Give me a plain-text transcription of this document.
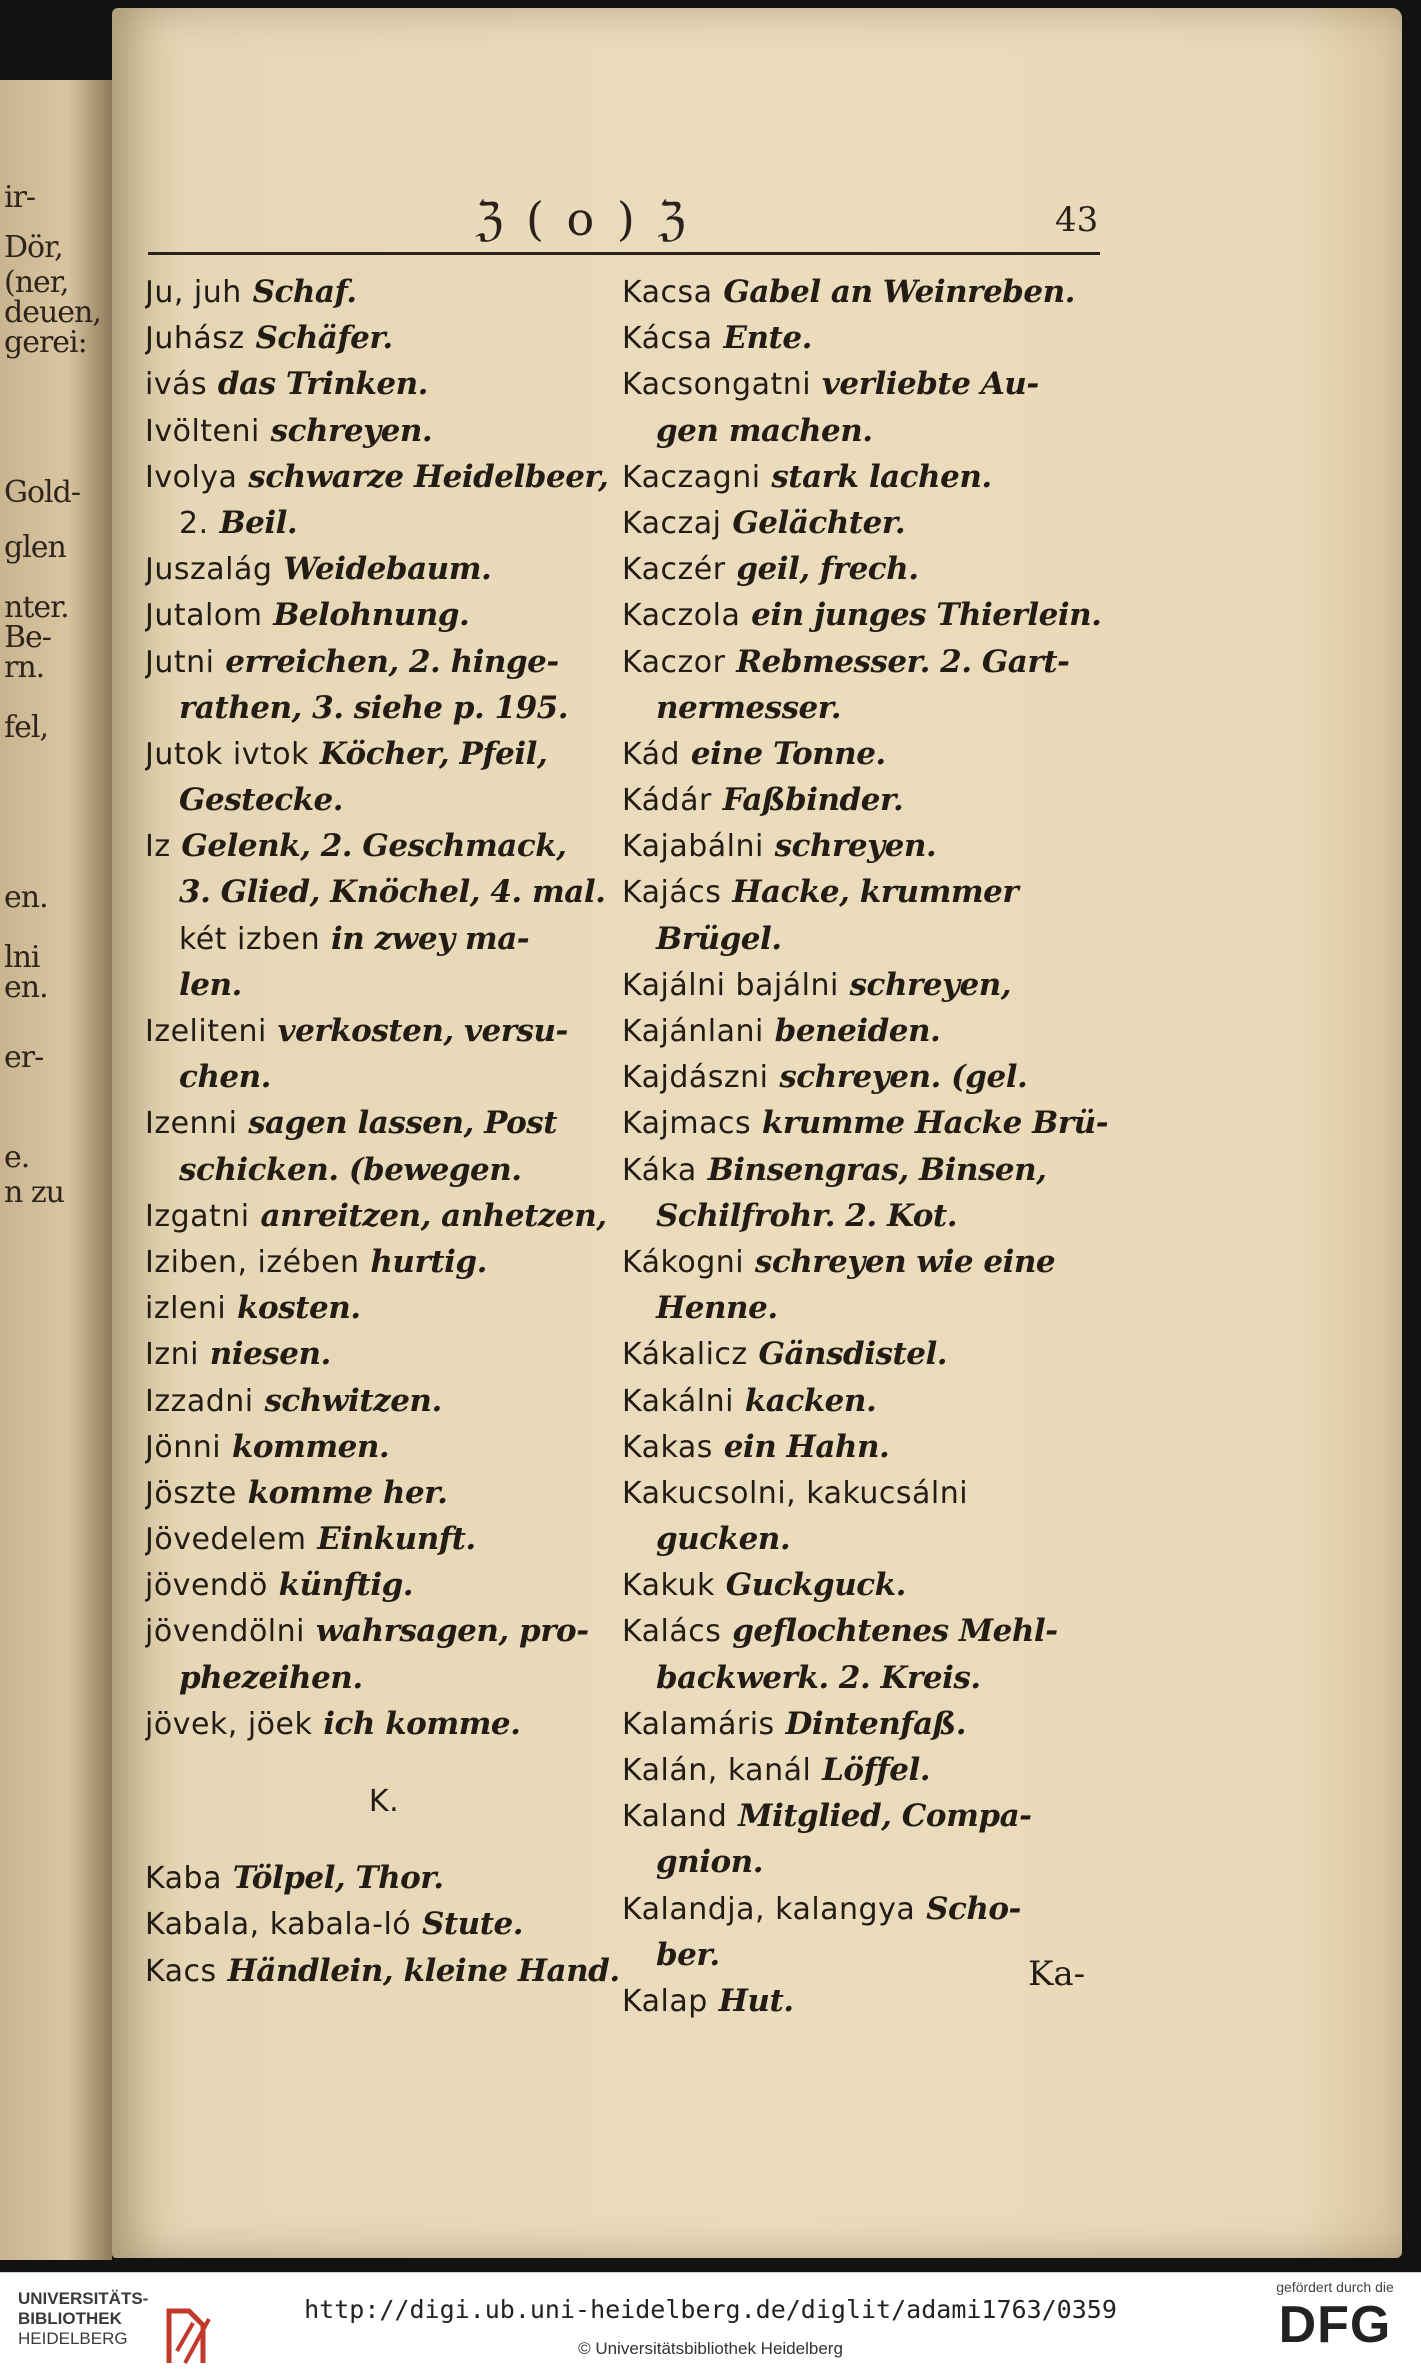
ir-
Dör,
(ner,
deuen,
gerei:
Gold-
glen
nter.
Be-
rn.
fel,
en.
lni
en.
er-
e.
n zu
ℨ ( o ) ℨ	43
Ju, juh Schaf.
Juhász Schäfer.
ivás das Trinken.
Ivölteni schreyen.
Ivolya schwarze Heidelbeer,
2. Beil.
Juszalág Weidebaum.
Jutalom Belohnung.
Jutni erreichen, 2. hinge-
rathen, 3. siehe p. 195.
Jutok ivtok Köcher, Pfeil,
Gestecke.
Iz Gelenk, 2. Geschmack,
3. Glied, Knöchel, 4. mal.
két izben in zwey ma-
len.
Izeliteni verkosten, versu-
chen.
Izenni sagen lassen, Post
schicken. (bewegen.
Izgatni anreitzen, anhetzen,
Iziben, izében hurtig.
izleni kosten.
Izni niesen.
Izzadni schwitzen.
Jönni kommen.
Jöszte komme her.
Jövedelem Einkunft.
jövendö künftig.
jövendölni wahrsagen, pro-
phezeihen.
jövek, jöek ich komme.
K.
Kaba Tölpel, Thor.
Kabala, kabala-ló Stute.
Kacs Händlein, kleine Hand.
Kacsa Gabel an Weinreben.
Kácsa Ente.
Kacsongatni verliebte Au-
gen machen.
Kaczagni stark lachen.
Kaczaj Gelächter.
Kaczér geil, frech.
Kaczola ein junges Thierlein.
Kaczor Rebmesser. 2. Gart-
nermesser.
Kád eine Tonne.
Kádár Faßbinder.
Kajabálni schreyen.
Kajács Hacke, krummer
Brügel.
Kajálni bajálni schreyen,
Kajánlani beneiden.
Kajdászni schreyen. (gel.
Kajmacs krumme Hacke Brü-
Káka Binsengras, Binsen,
Schilfrohr. 2. Kot.
Kákogni schreyen wie eine
Henne.
Kákalicz Gänsdistel.
Kakálni kacken.
Kakas ein Hahn.
Kakucsolni, kakucsálni
gucken.
Kakuk Guckguck.
Kalács geflochtenes Mehl-
backwerk. 2. Kreis.
Kalamáris Dintenfaß.
Kalán, kanál Löffel.
Kaland Mitglied, Compa-
gnion.
Kalandja, kalangya Scho-
ber.
Kalap Hut.
Ka-
UNIVERSITÄTS-
BIBLIOTHEK
HEIDELBERG
http://digi.ub.uni-heidelberg.de/diglit/adami1763/0359
© Universitätsbibliothek Heidelberg
gefördert durch die
DFG
